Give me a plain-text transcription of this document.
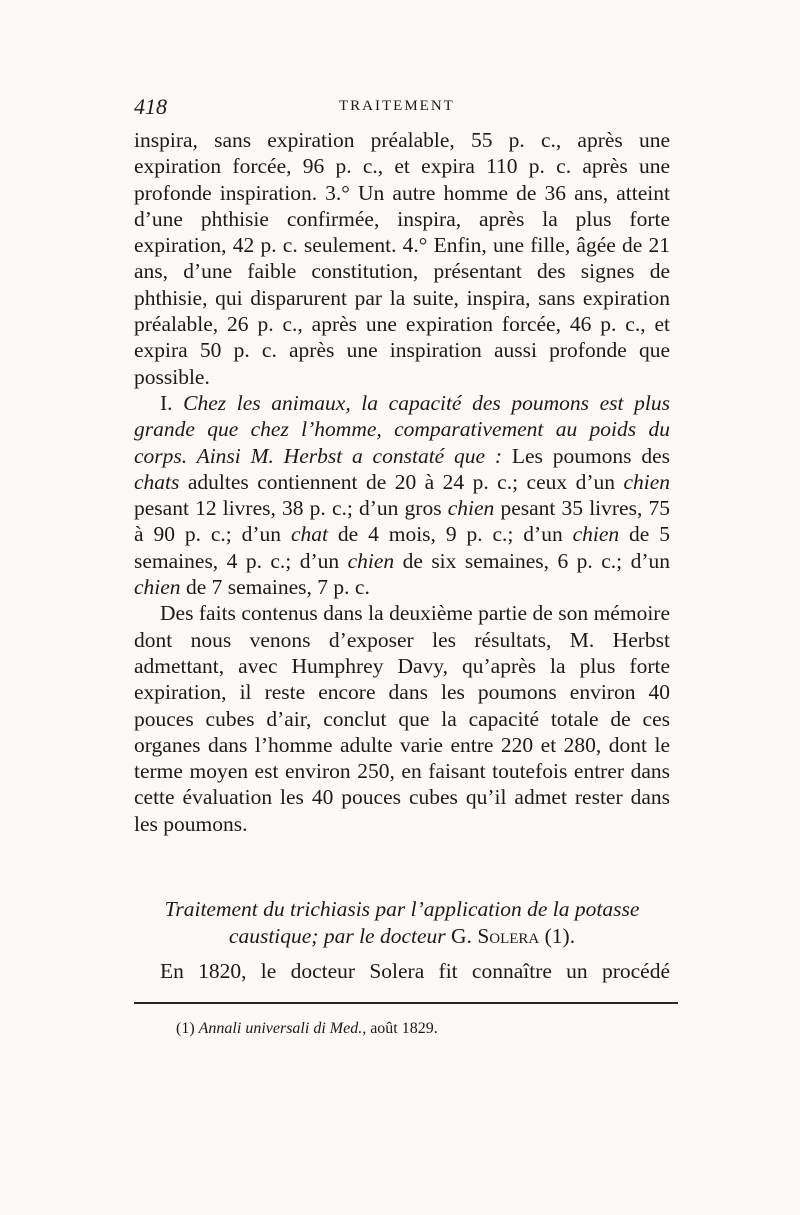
418	TRAITEMENT

inspira, sans expiration préalable, 55 p. c., après une expiration forcée, 96 p. c., et expira 110 p. c. après une profonde inspiration. 3.° Un autre homme de 36 ans, atteint d’une phthisie confirmée, inspira, après la plus forte expiration, 42 p. c. seulement. 4.° Enfin, une fille, âgée de 21 ans, d’une faible constitution, présentant des signes de phthisie, qui disparurent par la suite, inspira, sans expiration préalable, 26 p. c., après une expiration forcée, 46 p. c., et expira 50 p. c. après une inspiration aussi profonde que possible.

I. Chez les animaux, la capacité des poumons est plus grande que chez l’homme, comparativement au poids du corps. Ainsi M. Herbst a constaté que : Les poumons des chats adultes contiennent de 20 à 24 p. c.; ceux d’un chien pesant 12 livres, 38 p. c.; d’un gros chien pesant 35 livres, 75 à 90 p. c.; d’un chat de 4 mois, 9 p. c.; d’un chien de 5 semaines, 4 p. c.; d’un chien de six semaines, 6 p. c.; d’un chien de 7 semaines, 7 p. c.

Des faits contenus dans la deuxième partie de son mémoire dont nous venons d’exposer les résultats, M. Herbst admettant, avec Humphrey Davy, qu’après la plus forte expiration, il reste encore dans les poumons environ 40 pouces cubes d’air, conclut que la capacité totale de ces organes dans l’homme adulte varie entre 220 et 280, dont le terme moyen est environ 250, en faisant toutefois entrer dans cette évaluation les 40 pouces cubes qu’il admet rester dans les poumons.

Traitement du trichiasis par l’application de la potasse caustique; par le docteur G. Solera (1).
En 1820, le docteur Solera fit connaître un procédé
(1) Annali universali di Med., août 1829.
